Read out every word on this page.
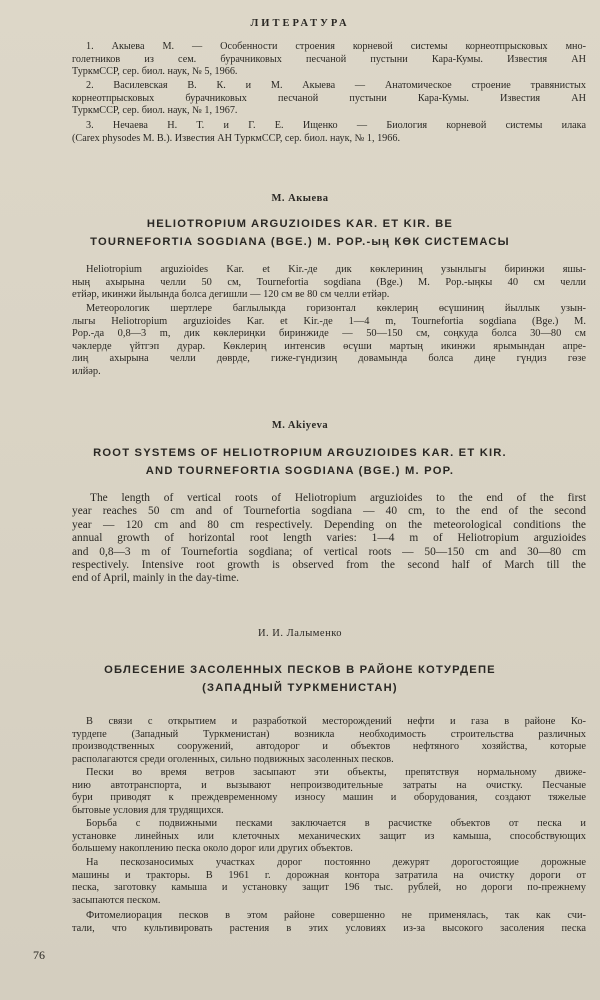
ЛИТЕРАТУРА
1. Акыева М. — Особенности строения корневой системы корнеотпрысковых мно-
голетников из сем. бурачниковых песчаной пустыни Кара-Кумы. Известия АН
ТуркмССР, сер. биол. наук, № 5, 1966.
2. Василевская В. К. и М. Акыева — Анатомическое строение травянистых
корнеотпрысковых бурачниковых песчаной пустыни Кара-Кумы. Известия АН
ТуркмССР, сер. биол. наук, № 1, 1967.
3. Нечаева Н. Т. и Г. Е. Ищенко — Биология корневой системы илака
(Carex physodes M. B.). Известия АН ТуркмССР, сер. биол. наук, № 1, 1966.
М. Акыева
HELIOTROPIUM ARGUZIOIDES KAR. ET KIR. ВЕ
TOURNEFORTIA SOGDIANA (BGE.) M. POP.-ың КӨК СИСТЕМАСЫ
Heliotropium arguzioides Kar. et Kir.-де дик көклериниң узынлыгы биринжи яшы-
ның ахырына челли 50 см, Tournefortia sogdiana (Bge.) M. Pop.-ыңкы 40 см челли
етйәр, икинжи йылында болса дегишли — 120 см ве 80 см челли етйәр.
Метеорологик шертлере баглылыкда горизонтал көклериң өсүшиниң йыллык узын-
лыгы Heliotropium arguzioides Kar. et Kir.-де 1—4 m, Tournefortia sogdiana (Bge.) M.
Pop.-да 0,8—3 m, дик көклериңки биринжиде — 50—150 см, соңкуда болса 30—80 см
чәклерде үйтгэп дурар. Көклериң интенсив өсүши мартың икинжи ярымындан апре-
лиң ахырына челли дөврде, гиже-гүндизиң довамында болса диңе гүндиз гөзе
илйәр.
M. Akiyeva
ROOT SYSTEMS OF HELIOTROPIUM ARGUZIOIDES KAR. ET KIR.
AND TOURNEFORTIA SOGDIANA (BGE.) M. POP.
The length of vertical roots of Heliotropium arguzioides to the end of the first
year reaches 50 cm and of Tournefortia sogdiana — 40 cm, to the end of the second
year — 120 cm and 80 cm respectively. Depending on the meteorological conditions the
annual growth of horizontal root length varies: 1—4 m of Heliotropium arguzioides
and 0,8—3 m of Tournefortia sogdiana; of vertical roots — 50—150 cm and 30—80 cm
respectively. Intensive root growth is observed from the second half of March till the
end of April, mainly in the day-time.
И. И. Лалыменко
ОБЛЕСЕНИЕ ЗАСОЛЕННЫХ ПЕСКОВ В РАЙОНЕ КОТУРДЕПЕ
(ЗАПАДНЫЙ ТУРКМЕНИСТАН)
В связи с открытием и разработкой месторождений нефти и газа в районе Ко-
турдепе (Западный Туркменистан) возникла необходимость строительства различных
производственных сооружений, автодорог и объектов нефтяного хозяйства, которые
располагаются среди оголенных, сильно подвижных засоленных песков.
Пески во время ветров засыпают эти объекты, препятствуя нормальному движе-
нию автотранспорта, и вызывают непроизводительные затраты на очистку. Песчаные
бури приводят к преждевременному износу машин и оборудования, создают тяжелые
бытовые условия для трудящихся.
Борьба с подвижными песками заключается в расчистке объектов от песка и
установке линейных или клеточных механических защит из камыша, способствующих
большему накоплению песка около дорог или других объектов.
На пескозаносимых участках дорог постоянно дежурят дорогостоящие дорожные
машины и тракторы. В 1961 г. дорожная контора затратила на очистку дороги от
песка, заготовку камыша и установку защит 196 тыс. рублей, но дороги по-прежнему
засыпаются песком.
Фитомелиорация песков в этом районе совершенно не применялась, так как счи-
тали, что культивировать растения в этих условиях из-за высокого засоления песка
76
